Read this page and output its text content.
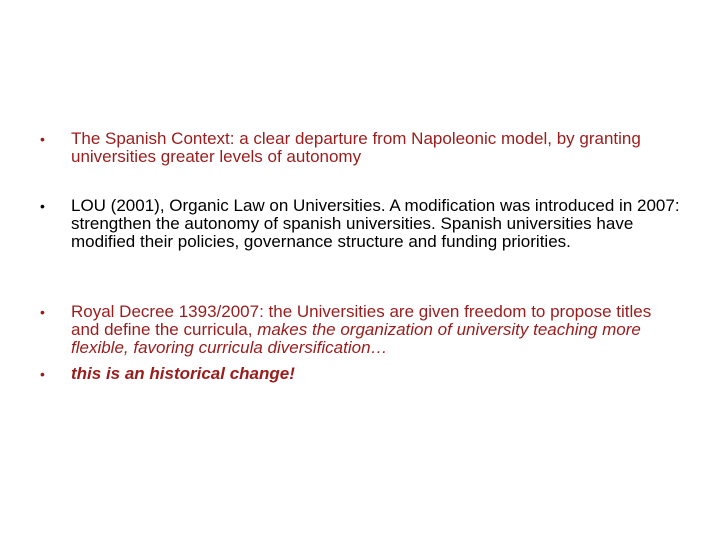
•	The Spanish Context: a clear departure from Napoleonic model, by granting universities greater levels of autonomy
•	LOU (2001), Organic Law on Universities. A modification was introduced in 2007: strengthen the autonomy of spanish universities. Spanish universities have modified their policies, governance structure and funding priorities.
•	Royal Decree 1393/2007: the Universities are given freedom to propose titles and define the curricula, makes the organization of university teaching more flexible, favoring curricula diversification…
•	this is an historical change!
